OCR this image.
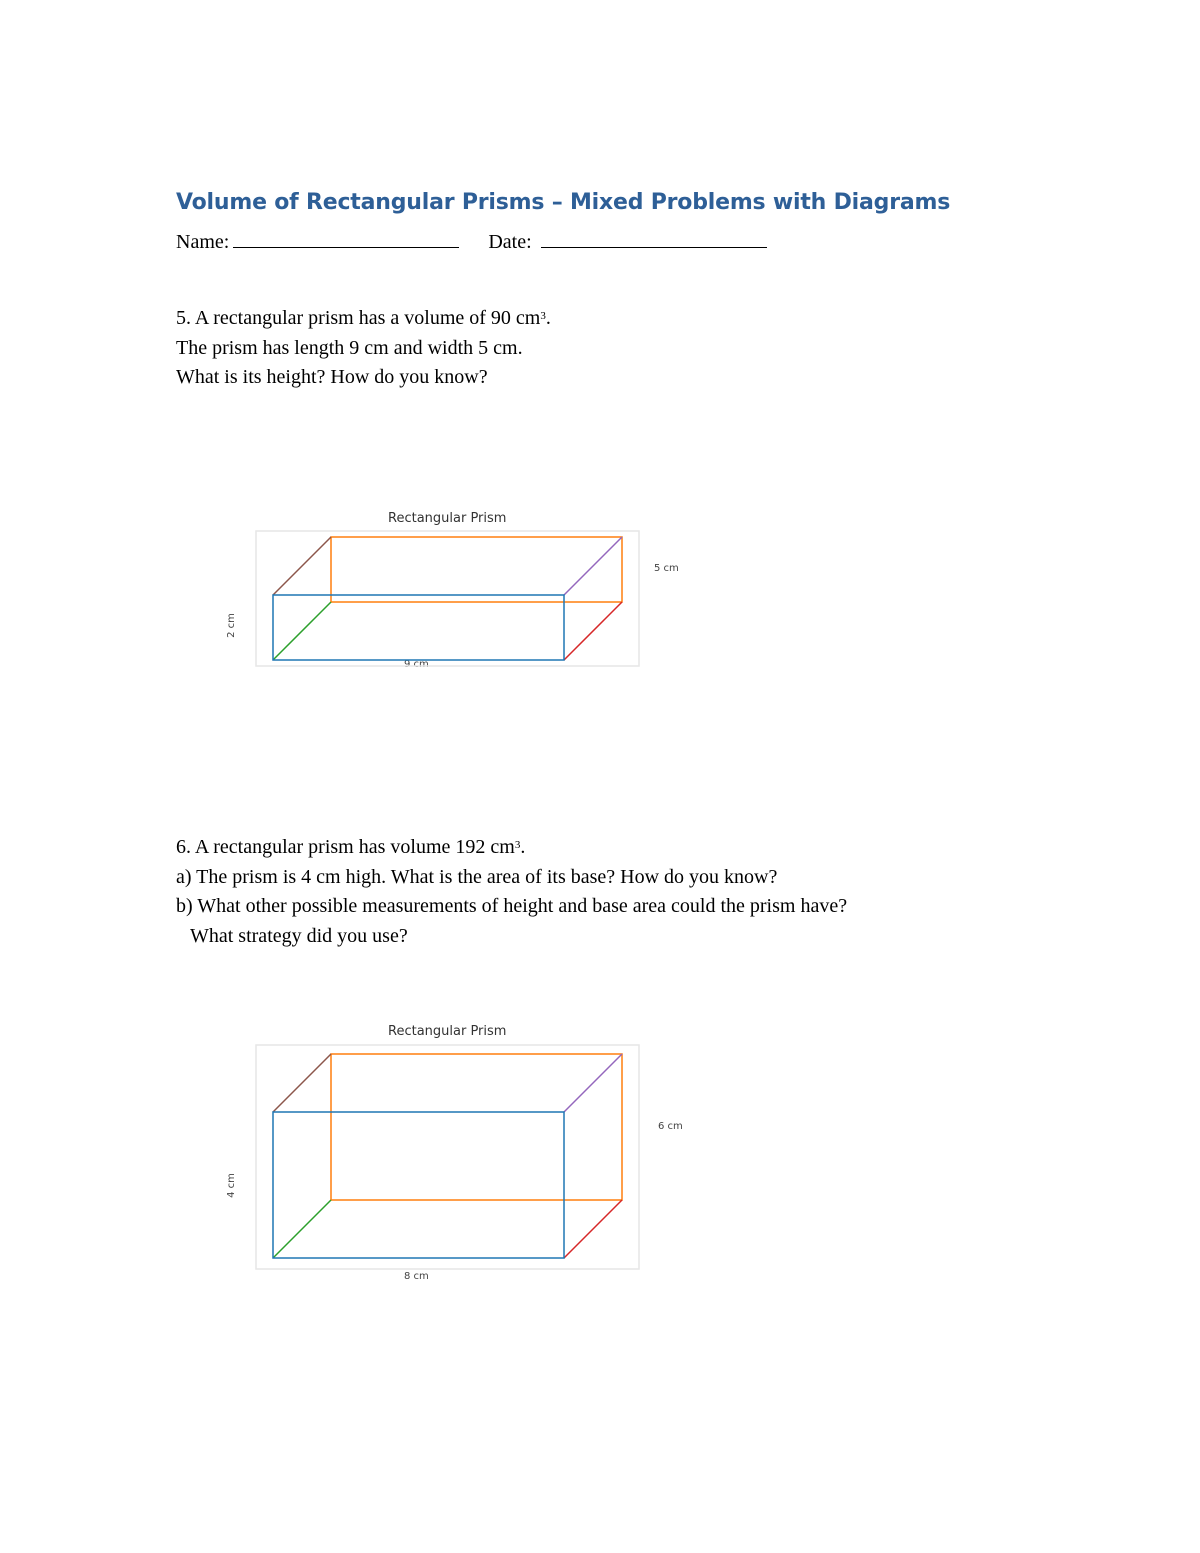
Volume of Rectangular Prisms – Mixed Problems with Diagrams
Name:	Date:
5. A rectangular prism has a volume of 90 $cm^3$.
The prism has length 9 cm and width 5 cm.
What is its height? How do you know?
Rectangular Prism
5 cm
9 cm
2 cm
6. A rectangular prism has volume 192 $cm^3$.
a) The prism is 4 cm high. What is the area of its base? How do you know?
b) What other possible measurements of height and base area could the prism have?
What strategy did you use?
Rectangular Prism
6 cm
8 cm
4 cm
